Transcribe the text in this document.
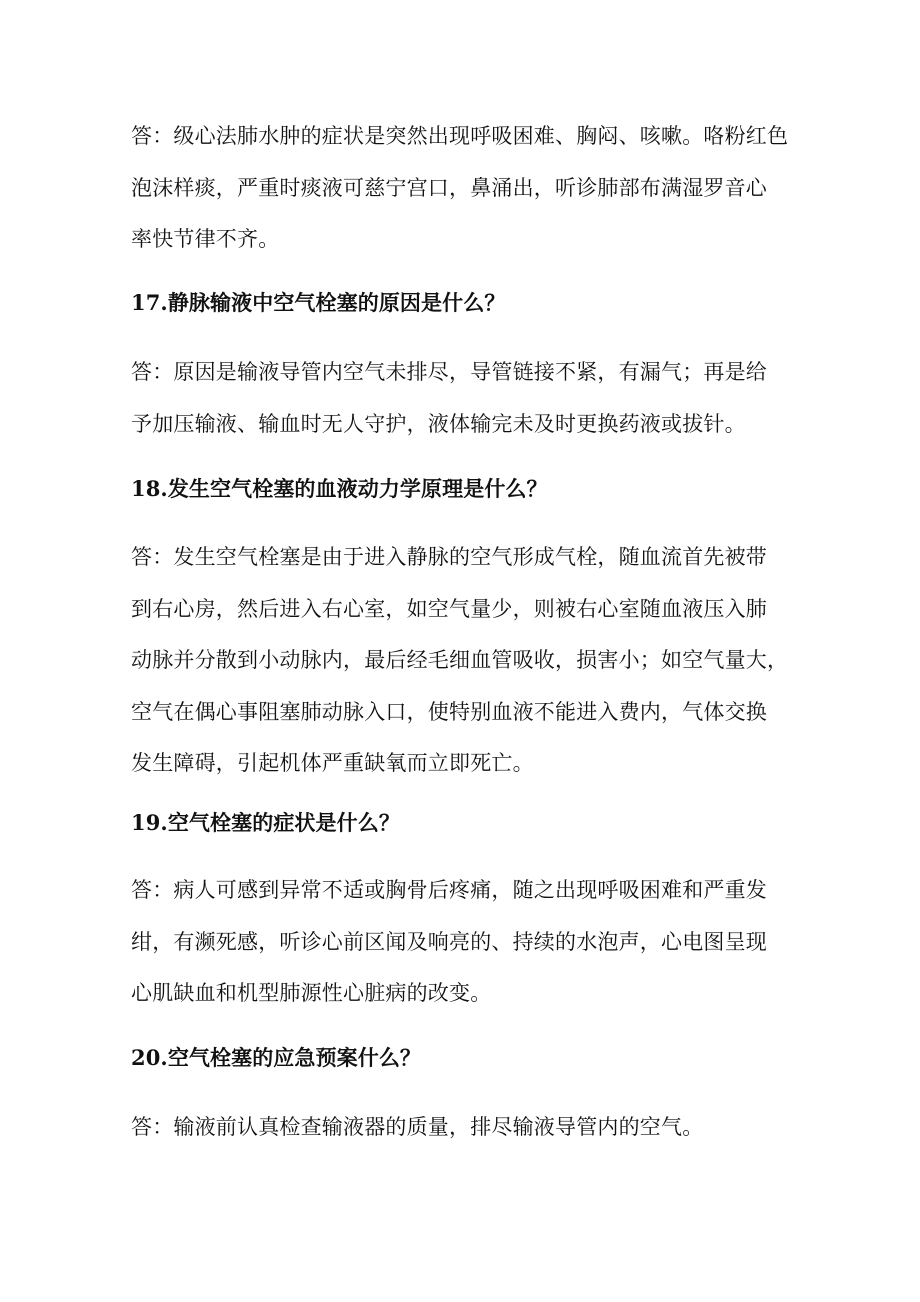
答：级心法肺水肿的症状是突然出现呼吸困难、胸闷、咳嗽。咯粉红色
泡沫样痰，严重时痰液可慈宁宫口，鼻涌出，听诊肺部布满湿罗音心
率快节律不齐。
17.静脉输液中空气栓塞的原因是什么？
答：原因是输液导管内空气未排尽，导管链接不紧，有漏气；再是给
予加压输液、输血时无人守护，液体输完未及时更换药液或拔针。
18.发生空气栓塞的血液动力学原理是什么？
答：发生空气栓塞是由于进入静脉的空气形成气栓，随血流首先被带
到右心房，然后进入右心室，如空气量少，则被右心室随血液压入肺
动脉并分散到小动脉内，最后经毛细血管吸收，损害小；如空气量大，
空气在偶心事阻塞肺动脉入口，使特别血液不能进入费内，气体交换
发生障碍，引起机体严重缺氧而立即死亡。
19.空气栓塞的症状是什么？
答：病人可感到异常不适或胸骨后疼痛，随之出现呼吸困难和严重发
绀，有濒死感，听诊心前区闻及响亮的、持续的水泡声，心电图呈现
心肌缺血和机型肺源性心脏病的改变。
20.空气栓塞的应急预案什么？
答：输液前认真检查输液器的质量，排尽输液导管内的空气。
